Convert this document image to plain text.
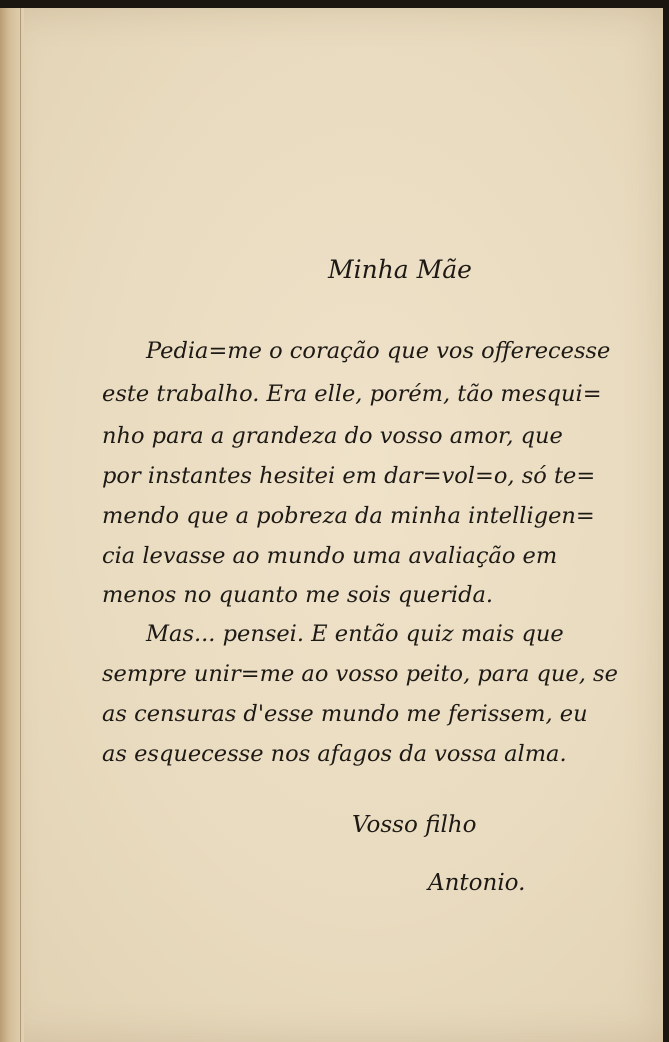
Minha Mãe

Pedia=me o coração que vos offerecesse

este trabalho. Era elle, porém, tão mesqui=

nho para a grandeza do vosso amor, que

por instantes hesitei em dar=vol=o, só te=

mendo que a pobreza da minha intelligen=

cia levasse ao mundo uma avaliação em

menos no quanto me sois querida.

Mas... pensei. E então quiz mais que

sempre unir=me ao vosso peito, para que, se

as censuras d'esse mundo me ferissem, eu

as esquecesse nos afagos da vossa alma.

Vosso filho

Antonio.
